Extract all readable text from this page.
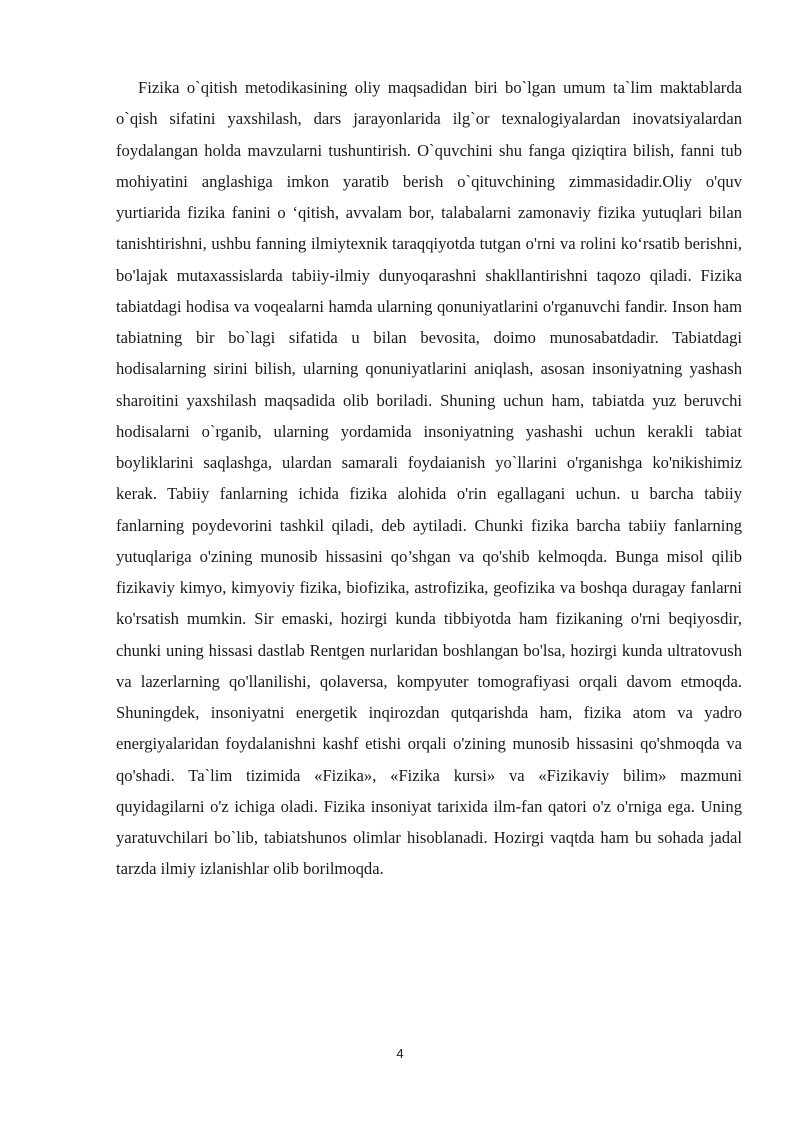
Fizika o`qitish metodikasining oliy maqsadidan biri bo`lgan umum ta`lim maktablarda o`qish sifatini yaxshilash, dars jarayonlarida ilg`or texnalogiyalardan inovatsiyalardan foydalangan holda mavzularni tushuntirish. O`quvchini shu fanga qiziqtira bilish, fanni tub mohiyatini anglashiga imkon yaratib berish o`qituvchining zimmasidadir.Oliy o'quv yurtiarida fizika fanini o ‘qitish, avvalam bor, talabalarni zamonaviy fizika yutuqlari bilan tanishtirishni, ushbu fanning ilmiytexnik taraqqiyotda tutgan o'rni va rolini ko‘rsatib berishni, bo'lajak mutaxassislarda tabiiy-ilmiy dunyoqarashni shakllantirishni taqozo qiladi. Fizika tabiatdagi hodisa va voqealarni hamda ularning qonuniyatlarini o'rganuvchi fandir. Inson ham tabiatning bir bo`lagi sifatida u bilan bevosita, doimo munosabatdadir. Tabiatdagi hodisalarning sirini bilish, ularning qonuniyatlarini aniqlash, asosan insoniyatning yashash sharoitini yaxshilash maqsadida olib boriladi. Shuning uchun ham, tabiatda yuz beruvchi hodisalarni o`rganib, ularning yordamida insoniyatning yashashi uchun kerakli tabiat boyliklarini saqlashga, ulardan samarali foydaianish yo`llarini o'rganishga ko'nikishimiz kerak. Tabiiy fanlarning ichida fizika alohida o'rin egallagani uchun. u barcha tabiiy fanlarning poydevorini tashkil qiladi, deb aytiladi. Chunki fizika barcha tabiiy fanlarning yutuqlariga o'zining munosib hissasini qo’shgan va qo'shib kelmoqda. Bunga misol qilib fizikaviy kimyo, kimyoviy fizika, biofizika, astrofizika, geofizika va boshqa duragay fanlarni ko'rsatish mumkin. Sir emaski, hozirgi kunda tibbiyotda ham fizikaning o'rni beqiyosdir, chunki uning hissasi dastlab Rentgen nurlaridan boshlangan bo'lsa, hozirgi kunda ultratovush va lazerlarning qo'llanilishi, qolaversa, kompyuter tomografiyasi orqali davom etmoqda. Shuningdek, insoniyatni energetik inqirozdan qutqarishda ham, fizika atom va yadro energiyalaridan foydalanishni kashf etishi orqali o'zining munosib hissasini qo'shmoqda va qo'shadi. Ta`lim tizimida «Fizika», «Fizika kursi» va «Fizikaviy bilim» mazmuni quyidagilarni o'z ichiga oladi. Fizika insoniyat tarixida ilm-fan qatori o'z o'rniga ega. Uning yaratuvchilari bo`lib, tabiatshunos olimlar hisoblanadi. Hozirgi vaqtda ham bu sohada jadal tarzda ilmiy izlanishlar olib borilmoqda.

4
